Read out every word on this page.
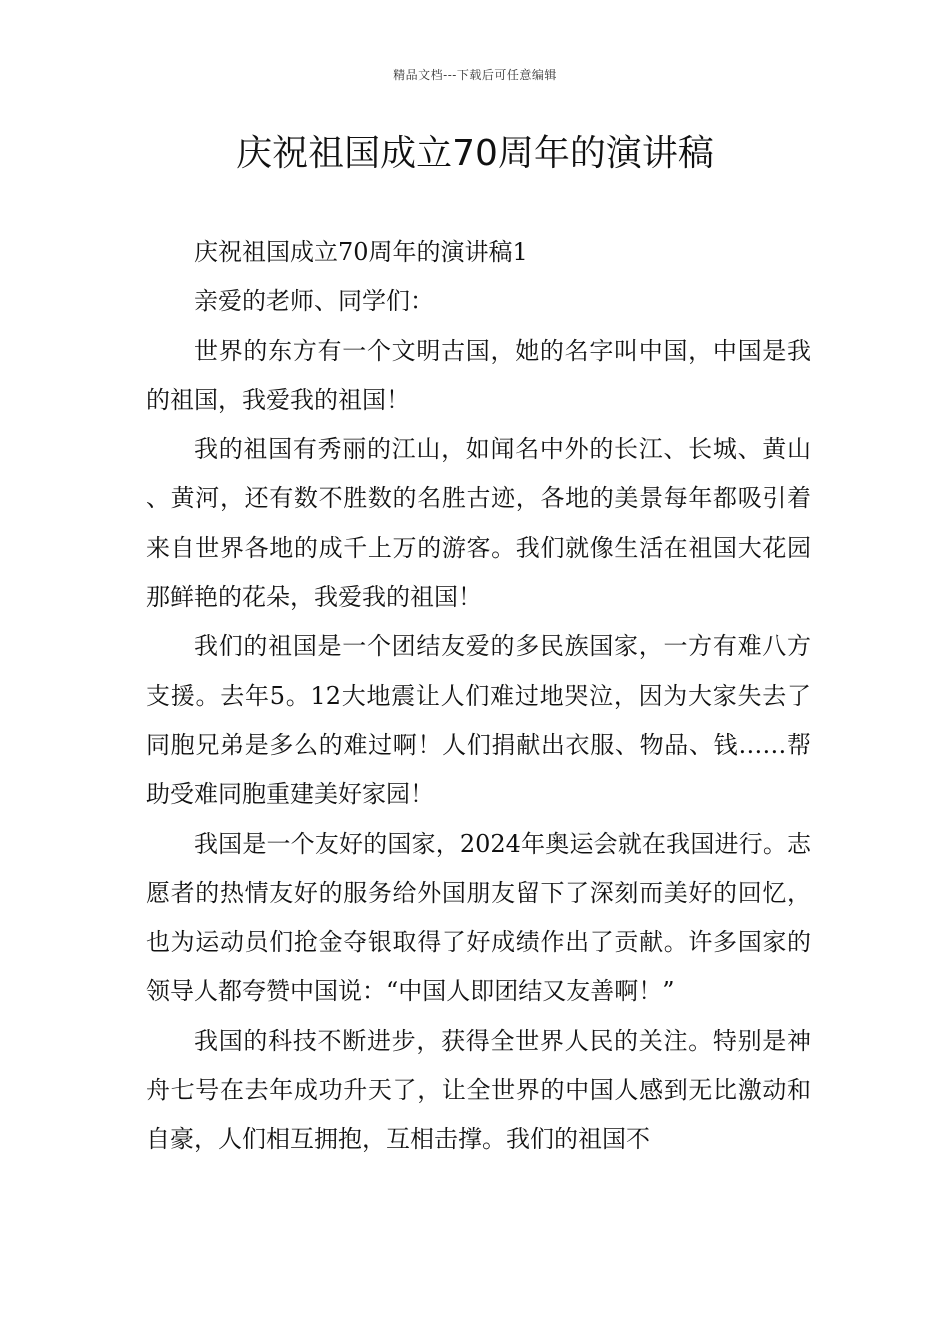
精品文档---下载后可任意编辑
庆祝祖国成立70周年的演讲稿

庆祝祖国成立70周年的演讲稿1

亲爱的老师、同学们：

世界的东方有一个文明古国，她的名字叫中国，中国是我的祖国，我爱我的祖国！

我的祖国有秀丽的江山，如闻名中外的长江、长城、黄山、黄河，还有数不胜数的名胜古迹，各地的美景每年都吸引着来自世界各地的成千上万的游客。我们就像生活在祖国大花园那鲜艳的花朵，我爱我的祖国！

我们的祖国是一个团结友爱的多民族国家，一方有难八方支援。去年5。12大地震让人们难过地哭泣，因为大家失去了同胞兄弟是多么的难过啊！人们捐献出衣服、物品、钱……帮助受难同胞重建美好家园！

我国是一个友好的国家，2024年奥运会就在我国进行。志愿者的热情友好的服务给外国朋友留下了深刻而美好的回忆，也为运动员们抢金夺银取得了好成绩作出了贡献。许多国家的领导人都夸赞中国说：“中国人即团结又友善啊！”

我国的科技不断进步，获得全世界人民的关注。特别是神舟七号在去年成功升天了，让全世界的中国人感到无比激动和自豪，人们相互拥抱，互相击撑。我们的祖国不
